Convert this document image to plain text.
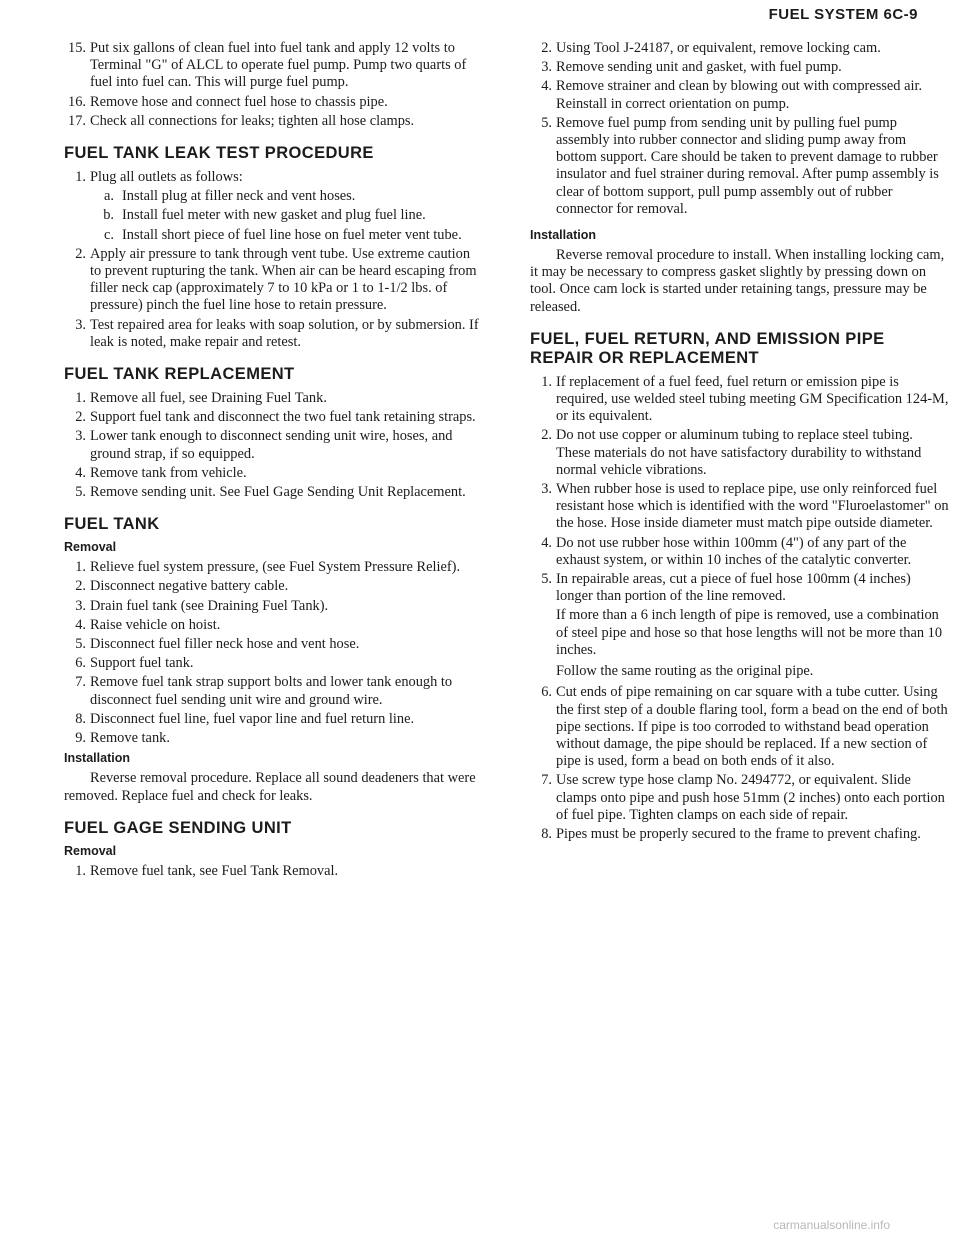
FUEL SYSTEM 6C-9
15 . Put six gallons of clean fuel into fuel tank and apply 12 volts to Terminal "G" of ALCL to operate fuel pump. Pump two quarts of fuel into fuel can. This will purge fuel pump.
16 . Remove hose and connect fuel hose to chassis pipe.
17 . Check all connections for leaks; tighten all hose clamps.
FUEL TANK LEAK TEST PROCEDURE
1 . Plug all outlets as follows:
a . Install plug at filler neck and vent hoses.
b . Install fuel meter with new gasket and plug fuel line.
c . Install short piece of fuel line hose on fuel meter vent tube.
2 . Apply air pressure to tank through vent tube. Use extreme caution to prevent rupturing the tank. When air can be heard escaping from filler neck cap (approximately 7 to 10 kPa or 1 to 1-1/2 lbs. of pressure) pinch the fuel line hose to retain pressure.
3 . Test repaired area for leaks with soap solution, or by submersion. If leak is noted, make repair and retest.
FUEL TANK REPLACEMENT
1 . Remove all fuel, see Draining Fuel Tank.
2 . Support fuel tank and disconnect the two fuel tank retaining straps.
3 . Lower tank enough to disconnect sending unit wire, hoses, and ground strap, if so equipped.
4 . Remove tank from vehicle.
5 . Remove sending unit. See Fuel Gage Sending Unit Replacement.
FUEL TANK
Removal
1 . Relieve fuel system pressure, (see Fuel System Pressure Relief).
2 . Disconnect negative battery cable.
3 . Drain fuel tank (see Draining Fuel Tank).
4 . Raise vehicle on hoist.
5 . Disconnect fuel filler neck hose and vent hose.
6 . Support fuel tank.
7 . Remove fuel tank strap support bolts and lower tank enough to disconnect fuel sending unit wire and ground wire.
8 . Disconnect fuel line, fuel vapor line and fuel return line.
9 . Remove tank.
Installation
Reverse removal procedure. Replace all sound deadeners that were removed. Replace fuel and check for leaks.
FUEL GAGE SENDING UNIT
Removal
1 . Remove fuel tank, see Fuel Tank Removal.
2 . Using Tool J-24187, or equivalent, remove locking cam.
3 . Remove sending unit and gasket, with fuel pump.
4 . Remove strainer and clean by blowing out with compressed air. Reinstall in correct orientation on pump.
5 . Remove fuel pump from sending unit by pulling fuel pump assembly into rubber connector and sliding pump away from bottom support. Care should be taken to prevent damage to rubber insulator and fuel strainer during removal. After pump assembly is clear of bottom support, pull pump assembly out of rubber connector for removal.
Installation
Reverse removal procedure to install. When installing locking cam, it may be necessary to compress gasket slightly by pressing down on tool. Once cam lock is started under retaining tangs, pressure may be released.
FUEL, FUEL RETURN, AND EMISSION PIPE REPAIR OR REPLACEMENT
1 . If replacement of a fuel feed, fuel return or emission pipe is required, use welded steel tubing meeting GM Specification 124-M, or its equivalent.
2 . Do not use copper or aluminum tubing to replace steel tubing. These materials do not have satisfactory durability to withstand normal vehicle vibrations.
3 . When rubber hose is used to replace pipe, use only reinforced fuel resistant hose which is identified with the word "Fluroelastomer" on the hose. Hose inside diameter must match pipe outside diameter.
4 . Do not use rubber hose within 100mm (4") of any part of the exhaust system, or within 10 inches of the catalytic converter.
5 . In repairable areas, cut a piece of fuel hose 100mm (4 inches) longer than portion of the line removed.
If more than a 6 inch length of pipe is removed, use a combination of steel pipe and hose so that hose lengths will not be more than 10 inches.
Follow the same routing as the original pipe.
6 . Cut ends of pipe remaining on car square with a tube cutter. Using the first step of a double flaring tool, form a bead on the end of both pipe sections. If pipe is too corroded to withstand bead operation without damage, the pipe should be replaced. If a new section of pipe is used, form a bead on both ends of it also.
7 . Use screw type hose clamp No. 2494772, or equivalent. Slide clamps onto pipe and push hose 51mm (2 inches) onto each portion of fuel pipe. Tighten clamps on each side of repair.
8 . Pipes must be properly secured to the frame to prevent chafing.
carmanualsonline.info
